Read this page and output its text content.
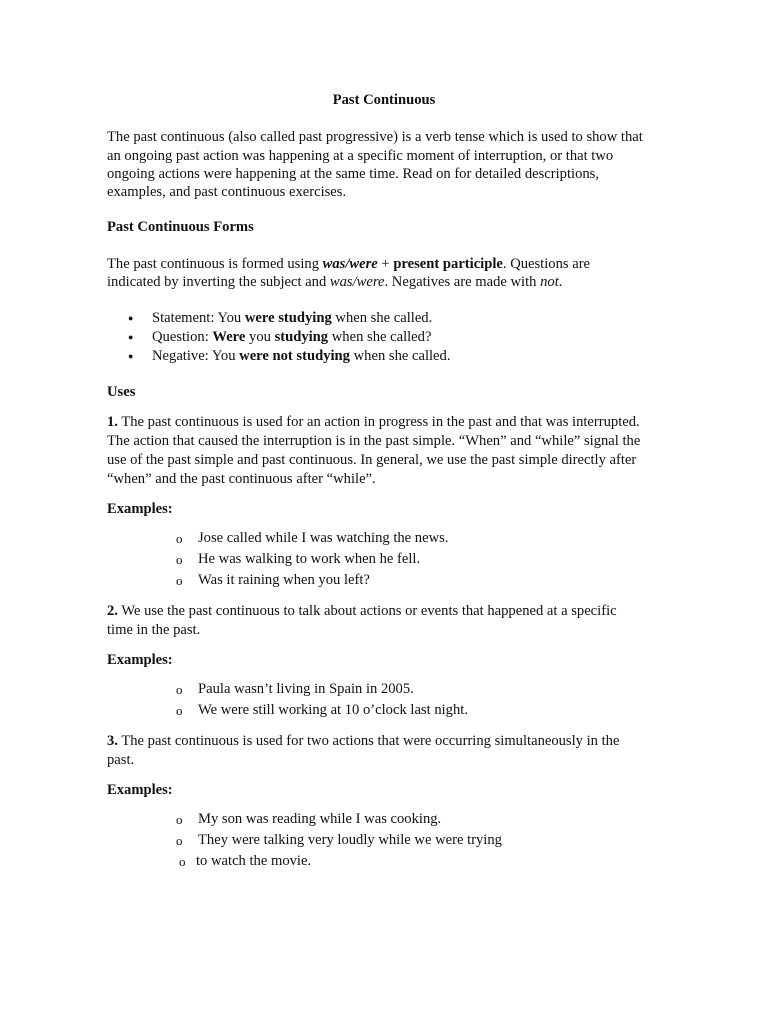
Past Continuous
The past continuous (also called past progressive) is a verb tense which is used to show that
an ongoing past action was happening at a specific moment of interruption, or that two
ongoing actions were happening at the same time. Read on for detailed descriptions,
examples, and past continuous exercises.
Past Continuous Forms
The past continuous is formed using was/were + present participle. Questions are
indicated by inverting the subject and was/were. Negatives are made with not.
● Statement: You were studying when she called.
● Question: Were you studying when she called?
● Negative: You were not studying when she called.
Uses
1. The past continuous is used for an action in progress in the past and that was interrupted.
The action that caused the interruption is in the past simple. “When” and “while” signal the
use of the past simple and past continuous. In general, we use the past simple directly after
“when” and the past continuous after “while”.
Examples:
o Jose called while I was watching the news.
o He was walking to work when he fell.
o Was it raining when you left?
2. We use the past continuous to talk about actions or events that happened at a specific
time in the past.
Examples:
o Paula wasn’t living in Spain in 2005.
o We were still working at 10 o’clock last night.
3. The past continuous is used for two actions that were occurring simultaneously in the
past.
Examples:
o My son was reading while I was cooking.
o They were talking very loudly while we were trying
o to watch the movie.
